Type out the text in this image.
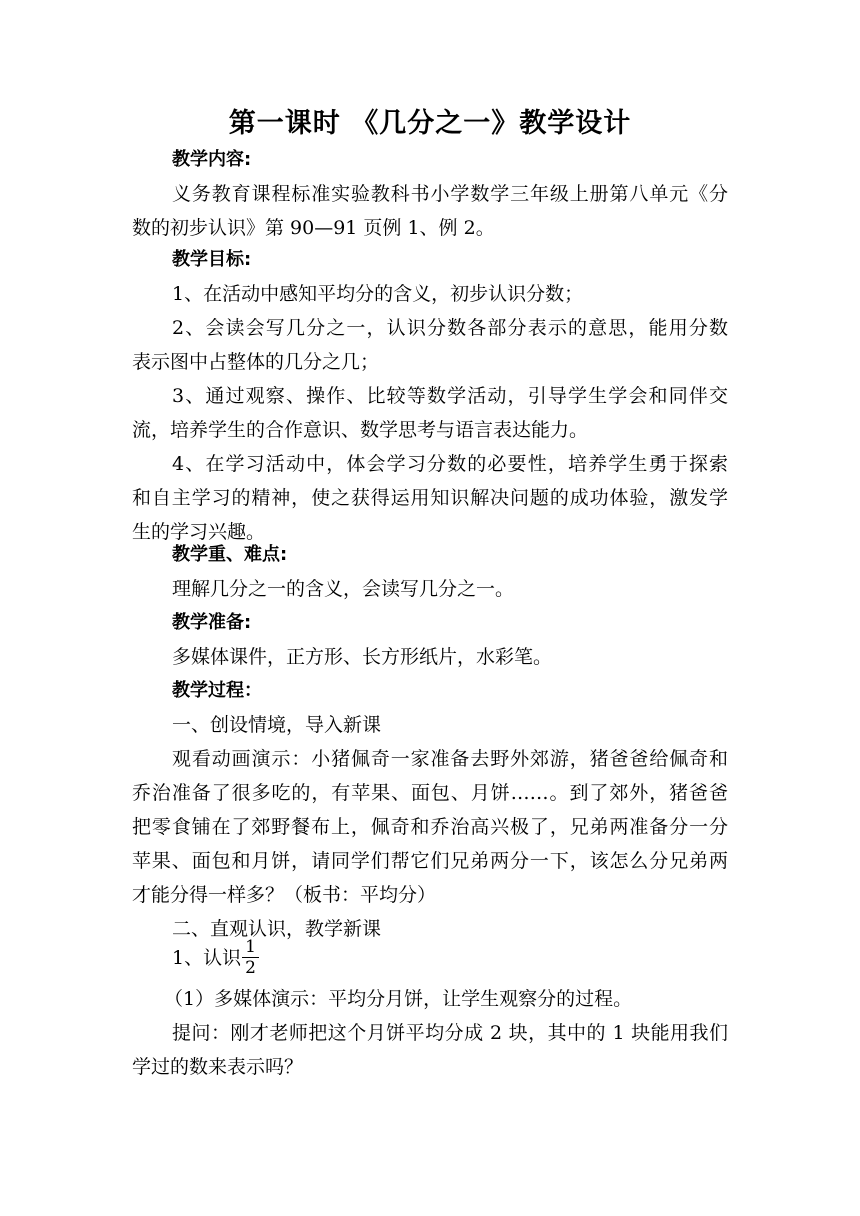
第一课时 《几分之一》教学设计
教学内容:
义务教育课程标准实验教科书小学数学三年级上册第八单元《分
数的初步认识》第 90—91 页例 1、例 2。
教学目标:
1、在活动中感知平均分的含义，初步认识分数；
2、会读会写几分之一，认识分数各部分表示的意思，能用分数
表示图中占整体的几分之几；
3、通过观察、操作、比较等数学活动，引导学生学会和同伴交
流，培养学生的合作意识、数学思考与语言表达能力。
4、在学习活动中，体会学习分数的必要性，培养学生勇于探索
和自主学习的精神，使之获得运用知识解决问题的成功体验，激发学
生的学习兴趣。
教学重、难点:
理解几分之一的含义，会读写几分之一。
教学准备:
多媒体课件，正方形、长方形纸片，水彩笔。
教学过程：
一、创设情境，导入新课
观看动画演示：小猪佩奇一家准备去野外郊游，猪爸爸给佩奇和
乔治准备了很多吃的，有苹果、面包、月饼……。到了郊外，猪爸爸
把零食铺在了郊野餐布上，佩奇和乔治高兴极了，兄弟两准备分一分
苹果、面包和月饼，请同学们帮它们兄弟两分一下，该怎么分兄弟两
才能分得一样多？（板书：平均分）
二、直观认识，教学新课
1、认识 $\frac{1}{2}$
（1）多媒体演示：平均分月饼，让学生观察分的过程。
提问：刚才老师把这个月饼平均分成 2 块，其中的 1 块能用我们
学过的数来表示吗？
